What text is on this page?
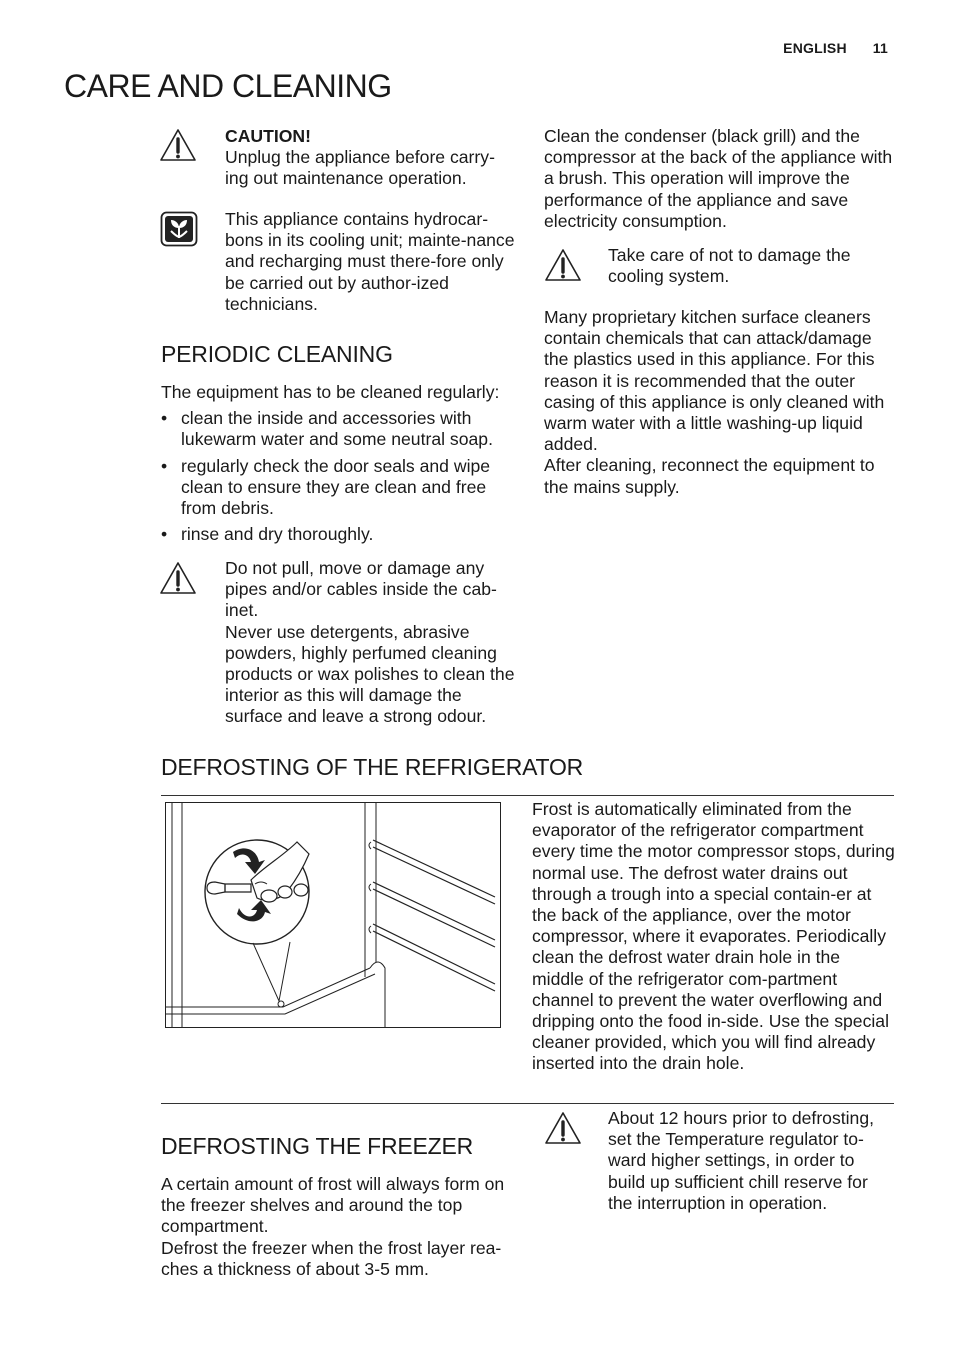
ENGLISH 11
CARE AND CLEANING

CAUTION!

Unplug the appliance before carry-ing out maintenance operation.

This appliance contains hydrocar-bons in its cooling unit; mainte-nance and recharging must there-fore only be carried out by author-ized technicians.

PERIODIC CLEANING

The equipment has to be cleaned regularly:

• clean the inside and accessories with lukewarm water and some neutral soap.
• regularly check the door seals and wipe clean to ensure they are clean and free from debris.
• rinse and dry thoroughly.

Do not pull, move or damage any pipes and/or cables inside the cab-inet.

Never use detergents, abrasive powders, highly perfumed cleaning products or wax polishes to clean the interior as this will damage the surface and leave a strong odour.

Clean the condenser (black grill) and the compressor at the back of the appliance with a brush. This operation will improve the performance of the appliance and save electricity consumption.

Take care of not to damage the cooling system.

Many proprietary kitchen surface cleaners contain chemicals that can attack/damage the plastics used in this appliance. For this reason it is recommended that the outer casing of this appliance is only cleaned with warm water with a little washing-up liquid added.

After cleaning, reconnect the equipment to the mains supply.

DEFROSTING OF THE REFRIGERATOR

Frost is automatically eliminated from the evaporator of the refrigerator compartment every time the motor compressor stops, during normal use. The defrost water drains out through a trough into a special contain-er at the back of the appliance, over the motor compressor, where it evaporates. Periodically clean the defrost water drain hole in the middle of the refrigerator com-partment channel to prevent the water overflowing and dripping onto the food in-side. Use the special cleaner provided, which you will find already inserted into the drain hole.

DEFROSTING THE FREEZER

A certain amount of frost will always form on the freezer shelves and around the top compartment.

Defrost the freezer when the frost layer rea-ches a thickness of about 3-5 mm.

About 12 hours prior to defrosting, set the Temperature regulator to-ward higher settings, in order to build up sufficient chill reserve for the interruption in operation.
